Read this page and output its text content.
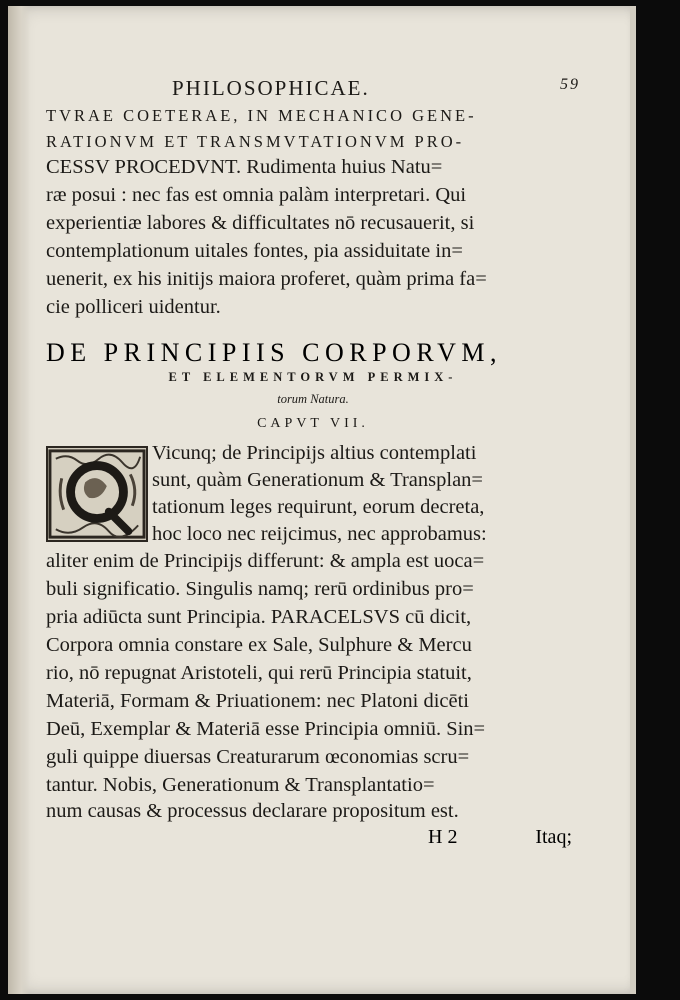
PHILOSOPHICAE.	59
TVRAE COETERAE, IN MECHANICO GENE-
RATIONVM ET TRANSMVTATIONVM PRO-
CESSV PROCEDVNT. Rudimenta huius Natu=
ræ posui : nec fas est omnia palàm interpretari. Qui
experientiæ labores & difficultates nō recusauerit, si
contemplationum uitales fontes, pia assiduitate in=
uenerit, ex his initijs maiora proferet, quàm prima fa=
cie polliceri uidentur.
DE PRINCIPIIS CORPORVM,
ET ELEMENTORVM PERMIX-
torum Natura.
CAPVT VII.
Vicunq; de Principijs altius contemplati
sunt, quàm Generationum & Transplan=
tationum leges requirunt, eorum decreta,
hoc loco nec reijcimus, nec approbamus:
aliter enim de Principijs differunt: & ampla est uoca=
buli significatio. Singulis namq; rerū ordinibus pro=
pria adiūcta sunt Principia. PARACELSVS cū dicit,
Corpora omnia constare ex Sale, Sulphure & Mercu
rio, nō repugnat Aristoteli, qui rerū Principia statuit,
Materiā, Formam & Priuationem: nec Platoni dicēti
Deū, Exemplar & Materiā esse Principia omniū. Sin=
guli quippe diuersas Creaturarum œconomias scru=
tantur. Nobis, Generationum & Transplantatio=
num causas & processus declarare propositum est.
H 2	Itaq;
